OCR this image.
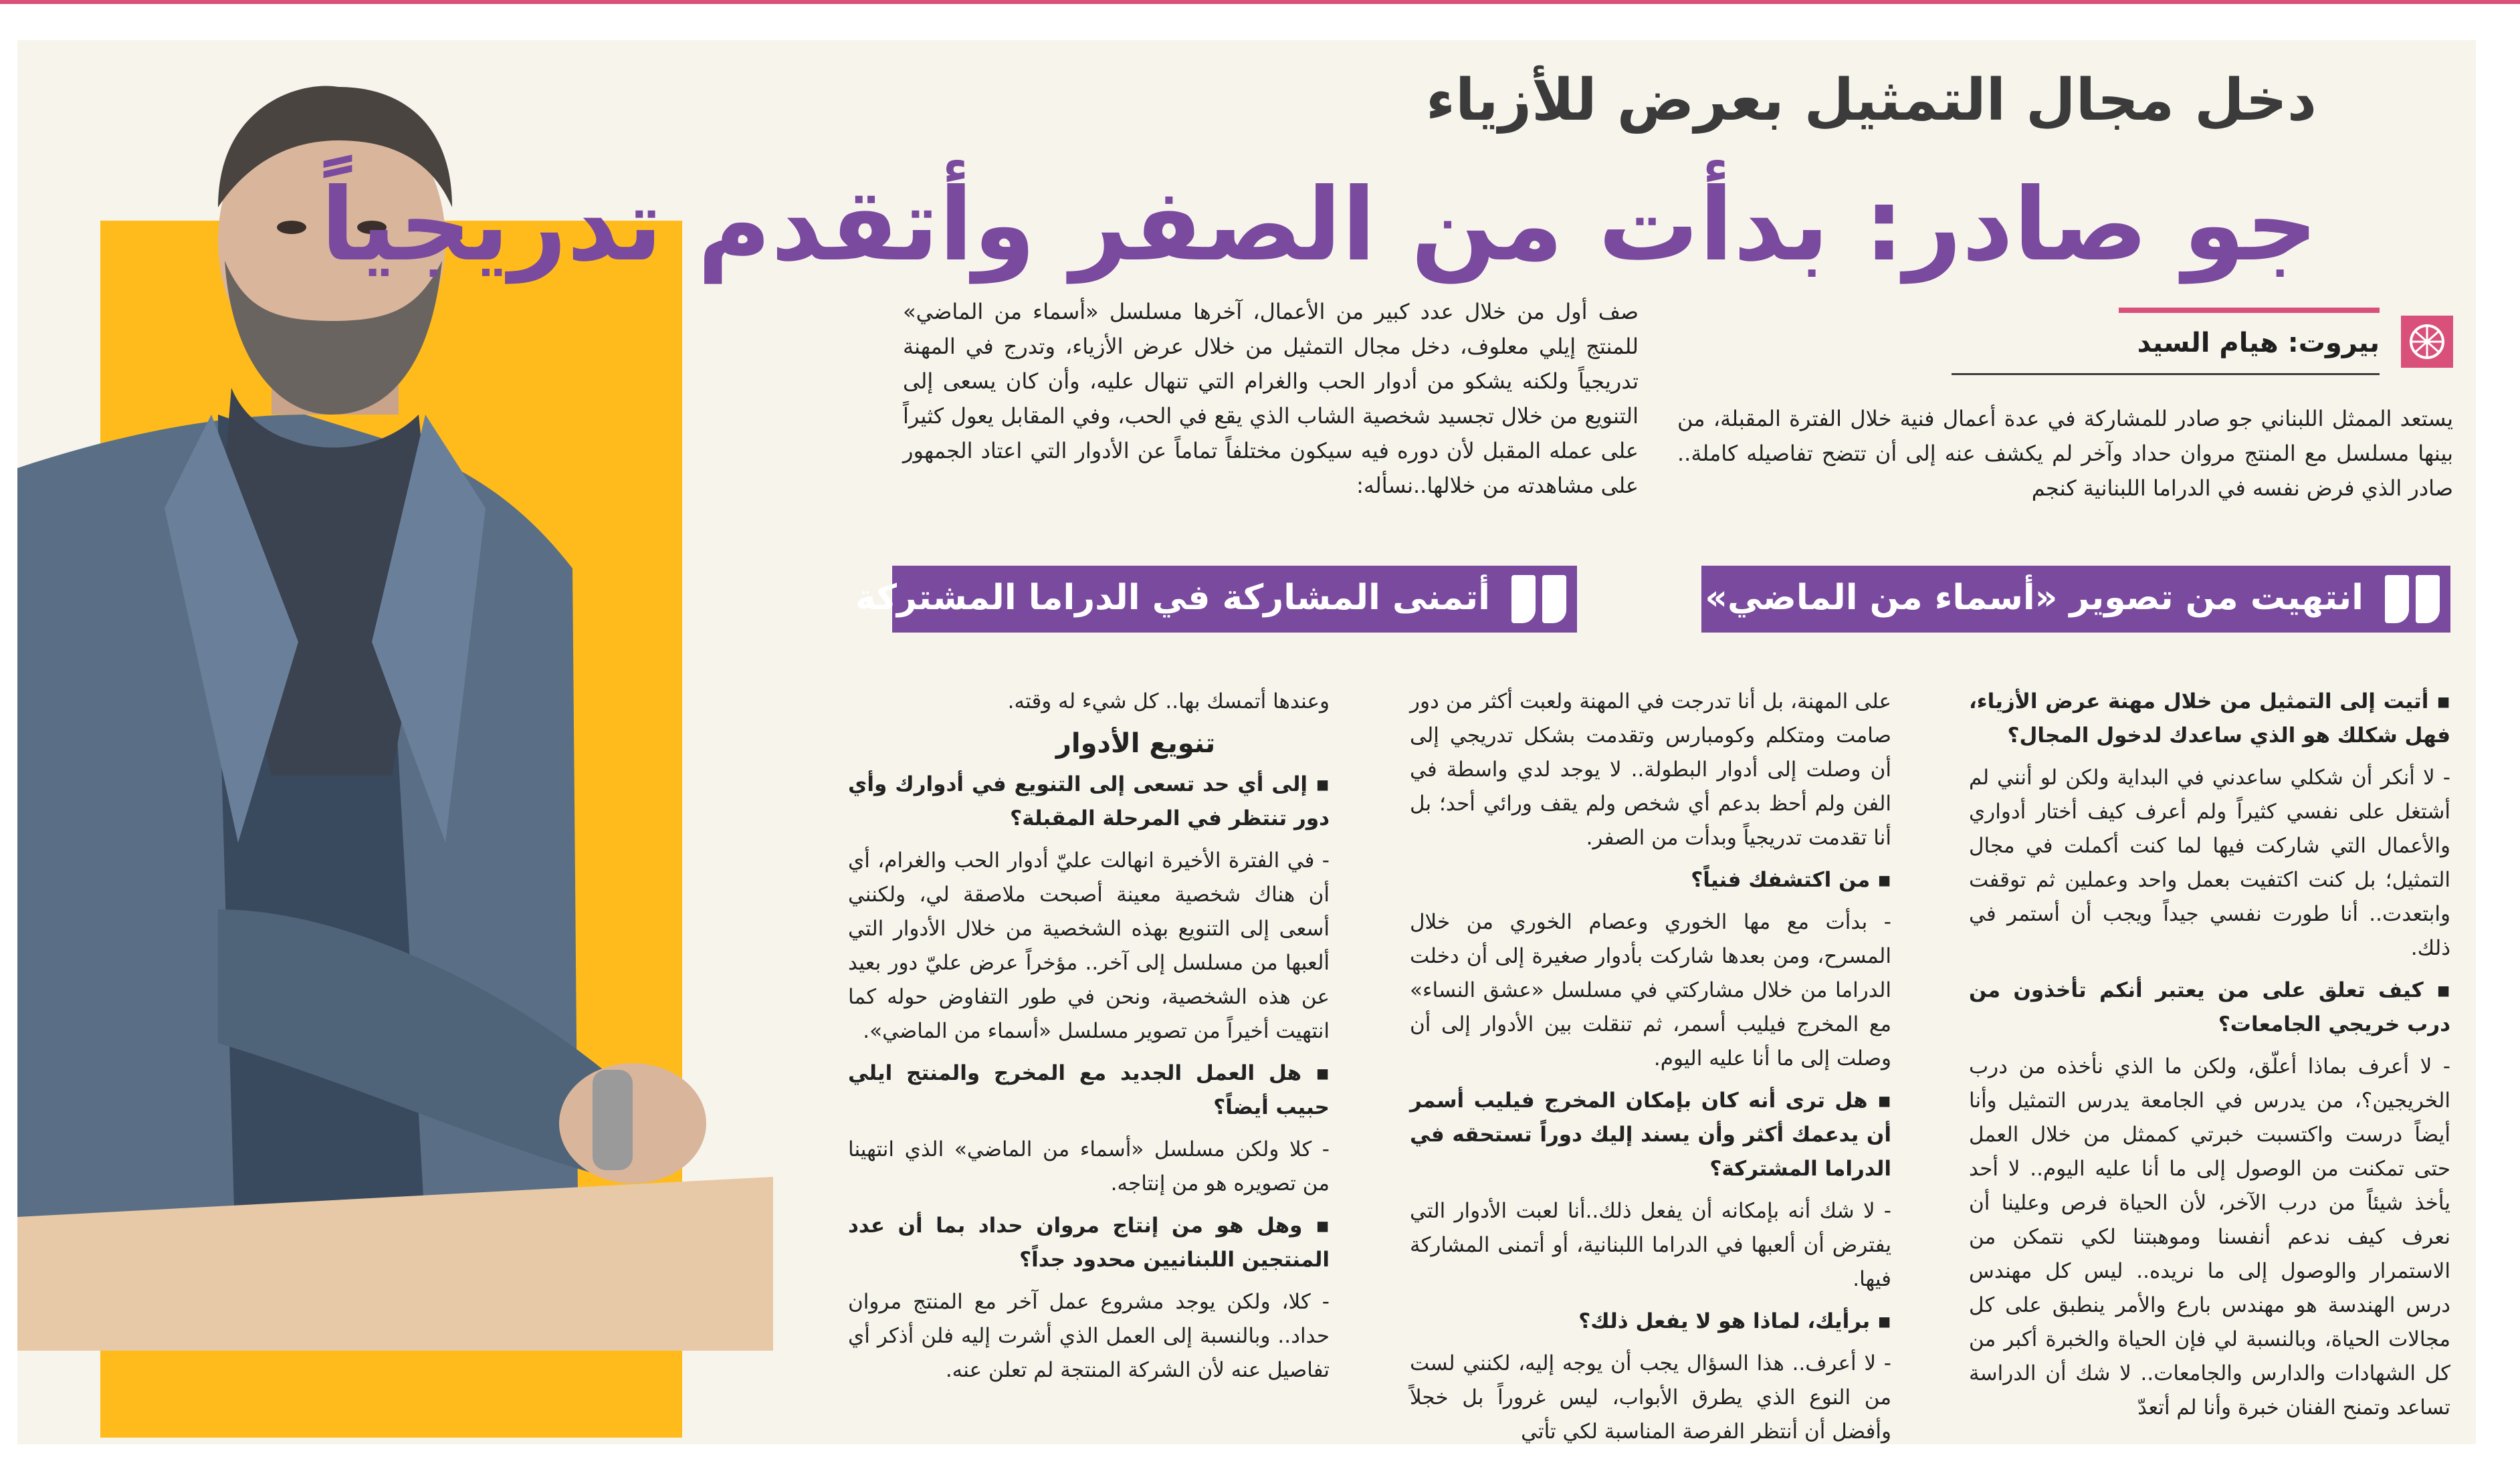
دخل مجال التمثيل بعرض للأزياء
جو صادر: بدأت من الصفر وأتقدم تدريجياً
بيروت: هيام السيد
يستعد الممثل اللبناني جو صادر للمشاركة في عدة أعمال فنية خلال الفترة المقبلة، من بينها مسلسل مع المنتج مروان حداد وآخر لم يكشف عنه إلى أن تتضح تفاصيله كاملة.. صادر الذي فرض نفسه في الدراما اللبنانية كنجم
صف أول من خلال عدد كبير من الأعمال، آخرها مسلسل «أسماء من الماضي» للمنتج إيلي معلوف، دخل مجال التمثيل من خلال عرض الأزياء، وتدرج في المهنة تدريجياً ولكنه يشكو من أدوار الحب والغرام التي تنهال عليه، وأن كان يسعى إلى التنويع من خلال تجسيد شخصية الشاب الذي يقع في الحب، وفي المقابل يعول كثيراً على عمله المقبل لأن دوره فيه سيكون مختلفاً تماماً عن الأدوار التي اعتاد الجمهور على مشاهدته من خلالها..نسأله:
انتهيت من تصوير «أسماء من الماضي»
أتمنى المشاركة في الدراما المشتركة

▪ أتيت إلى التمثيل من خلال مهنة عرض الأزياء، فهل شكلك هو الذي ساعدك لدخول المجال؟

- لا أنكر أن شكلي ساعدني في البداية ولكن لو أنني لم أشتغل على نفسي كثيراً ولم أعرف كيف أختار أدواري والأعمال التي شاركت فيها لما كنت أكملت في مجال التمثيل؛ بل كنت اكتفيت بعمل واحد وعملين ثم توقفت وابتعدت.. أنا طورت نفسي جيداً ويجب أن أستمر في ذلك.

▪ كيف تعلق على من يعتبر أنكم تأخذون من درب خريجي الجامعات؟

- لا أعرف بماذا أعلّق، ولكن ما الذي نأخذه من درب الخريجين؟، من يدرس في الجامعة يدرس التمثيل وأنا أيضاً درست واكتسبت خبرتي كممثل من خلال العمل حتى تمكنت من الوصول إلى ما أنا عليه اليوم.. لا أحد يأخذ شيئاً من درب الآخر، لأن الحياة فرص وعلينا أن نعرف كيف ندعم أنفسنا وموهبتنا لكي نتمكن من الاستمرار والوصول إلى ما نريده.. ليس كل مهندس درس الهندسة هو مهندس بارع والأمر ينطبق على كل مجالات الحياة، وبالنسبة لي فإن الحياة والخبرة أكبر من كل الشهادات والدارس والجامعات.. لا شك أن الدراسة تساعد وتمنح الفنان خبرة وأنا لم أتعدّ

على المهنة، بل أنا تدرجت في المهنة ولعبت أكثر من دور صامت ومتكلم وكومبارس وتقدمت بشكل تدريجي إلى أن وصلت إلى أدوار البطولة.. لا يوجد لدي واسطة في الفن ولم أحظ بدعم أي شخص ولم يقف ورائي أحد؛ بل أنا تقدمت تدريجياً وبدأت من الصفر.

▪ من اكتشفك فنياً؟

- بدأت مع مها الخوري وعصام الخوري من خلال المسرح، ومن بعدها شاركت بأدوار صغيرة إلى أن دخلت الدراما من خلال مشاركتي في مسلسل «عشق النساء» مع المخرج فيليب أسمر، ثم تنقلت بين الأدوار إلى أن وصلت إلى ما أنا عليه اليوم.

▪ هل ترى أنه كان بإمكان المخرج فيليب أسمر أن يدعمك أكثر وأن يسند إليك دوراً تستحقه في الدراما المشتركة؟

- لا شك أنه بإمكانه أن يفعل ذلك..أنا لعبت الأدوار التي يفترض أن ألعبها في الدراما اللبنانية، أو أتمنى المشاركة فيها.

▪ برأيك، لماذا هو لا يفعل ذلك؟

- لا أعرف.. هذا السؤال يجب أن يوجه إليه، لكنني لست من النوع الذي يطرق الأبواب، ليس غروراً بل خجلاً وأفضل أن أنتظر الفرصة المناسبة لكي تأتي

وعندها أتمسك بها.. كل شيء له وقته.

تنويع الأدوار

▪ إلى أي حد تسعى إلى التنويع في أدوارك وأي دور تنتظر في المرحلة المقبلة؟

- في الفترة الأخيرة انهالت عليّ أدوار الحب والغرام، أي أن هناك شخصية معينة أصبحت ملاصقة لي، ولكنني أسعى إلى التنويع بهذه الشخصية من خلال الأدوار التي ألعبها من مسلسل إلى آخر.. مؤخراً عرض عليّ دور بعيد عن هذه الشخصية، ونحن في طور التفاوض حوله كما انتهيت أخيراً من تصوير مسلسل «أسماء من الماضي».

▪ هل العمل الجديد مع المخرج والمنتج ايلي حبيب أيضاً؟

- كلا ولكن مسلسل «أسماء من الماضي» الذي انتهينا من تصويره هو من إنتاجه.

▪ وهل هو من إنتاج مروان حداد بما أن عدد المنتجين اللبنانيين محدود جداً؟

- كلا، ولكن يوجد مشروع عمل آخر مع المنتج مروان حداد.. وبالنسبة إلى العمل الذي أشرت إليه فلن أذكر أي تفاصيل عنه لأن الشركة المنتجة لم تعلن عنه.
